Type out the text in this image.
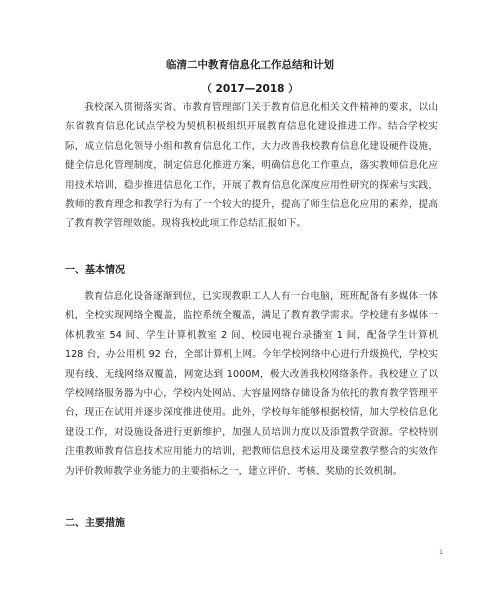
临清二中教育信息化工作总结和计划
（ 2017—2018 ）

我校深入贯彻落实省、市教育管理部门关于教育信息化相关文件精神的要求，以山东省教育信息化试点学校为契机积极组织开展教育信息化建设推进工作。结合学校实际，成立信息化领导小组和教育信息化工作，大力改善我校教育信息化建设硬件设施，健全信息化管理制度，制定信息化推进方案，明确信息化工作重点，落实教师信息化应用技术培训，稳步推进信息化工作，开展了教育信息化深度应用性研究的探索与实践，教师的教育理念和教学行为有了一个较大的提升，提高了师生信息化应用的素养，提高了教育教学管理效能。现将我校此项工作总结汇报如下。

一、基本情况

教育信息化设备逐渐到位，已实现教职工人人有一台电脑，班班配备有多媒体一体机，全校实现网络全覆盖，监控系统全覆盖，满足了教育教学需求。学校建有多媒体一体机教室 54 间、学生计算机教室 2 间、校园电视台录播室 1 间，配备学生计算机 128 台，办公用机 92 台，全部计算机上网。今年学校网络中心进行升级换代，学校实现有线、无线网络双覆盖，网宽达到 1000M，极大改善我校网络条件。我校建立了以学校网络服务器为中心，学校内处网站、大容量网络存储设备为依托的教育教学管理平台，现正在试用并逐步深度推进使用。此外，学校每年能够根据校情，加大学校信息化建设工作，对设施设备进行更新维护，加强人员培训力度以及添置教学资源。学校特别注重教师教育信息技术应用能力的培训，把教师信息技术运用及课堂教学整合的实效作为评价教师教学业务能力的主要指标之一，建立评价、考核、奖励的长效机制。

二、主要措施
1
